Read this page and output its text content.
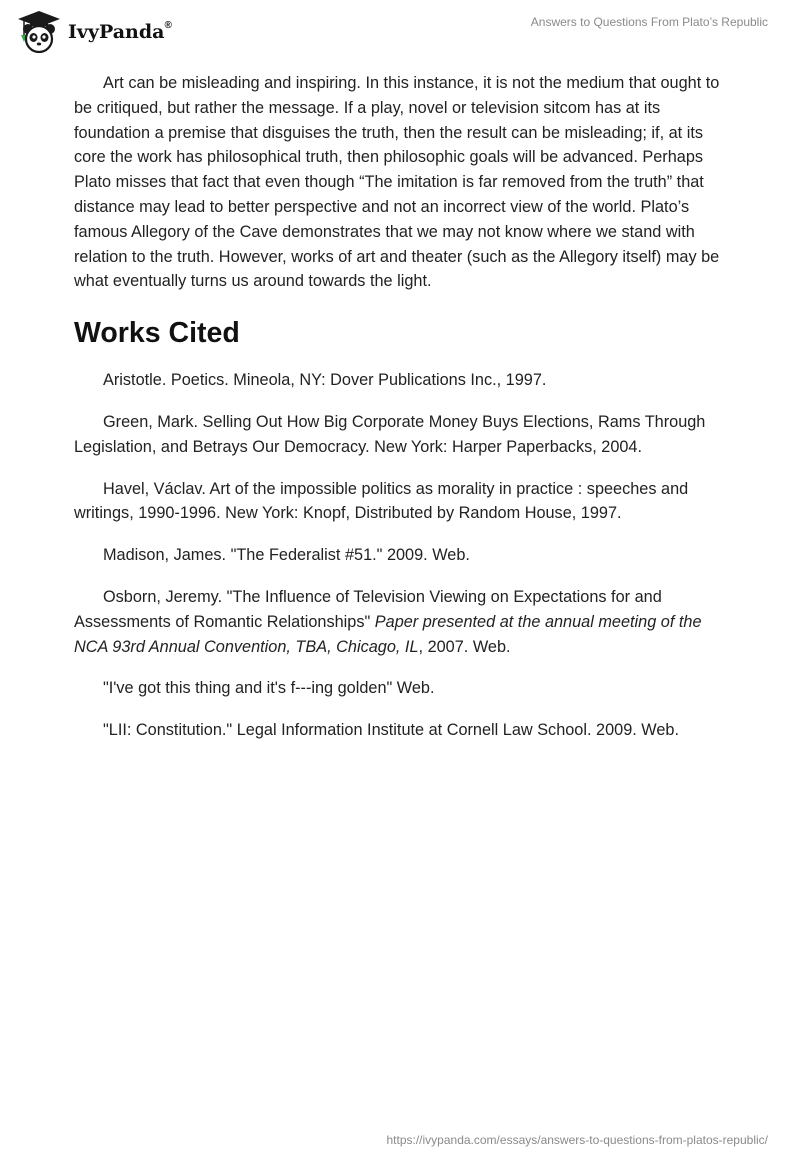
IvyPanda®	Answers to Questions From Plato’s Republic

Art can be misleading and inspiring. In this instance, it is not the medium that ought to be critiqued, but rather the message. If a play, novel or television sitcom has at its foundation a premise that disguises the truth, then the result can be misleading; if, at its core the work has philosophical truth, then philosophic goals will be advanced. Perhaps Plato misses that fact that even though “The imitation is far removed from the truth” that distance may lead to better perspective and not an incorrect view of the world. Plato’s famous Allegory of the Cave demonstrates that we may not know where we stand with relation to the truth. However, works of art and theater (such as the Allegory itself) may be what eventually turns us around towards the light.

Works Cited

Aristotle. Poetics. Mineola, NY: Dover Publications Inc., 1997.

Green, Mark. Selling Out How Big Corporate Money Buys Elections, Rams Through Legislation, and Betrays Our Democracy. New York: Harper Paperbacks, 2004.

Havel, Václav. Art of the impossible politics as morality in practice : speeches and writings, 1990-1996. New York: Knopf, Distributed by Random House, 1997.

Madison, James. "The Federalist #51." 2009. Web.

Osborn, Jeremy. "The Influence of Television Viewing on Expectations for and Assessments of Romantic Relationships" Paper presented at the annual meeting of the NCA 93rd Annual Convention, TBA, Chicago, IL, 2007. Web.

"I've got this thing and it's f---ing golden" Web.

"LII: Constitution." Legal Information Institute at Cornell Law School. 2009. Web.

https://ivypanda.com/essays/answers-to-questions-from-platos-republic/
